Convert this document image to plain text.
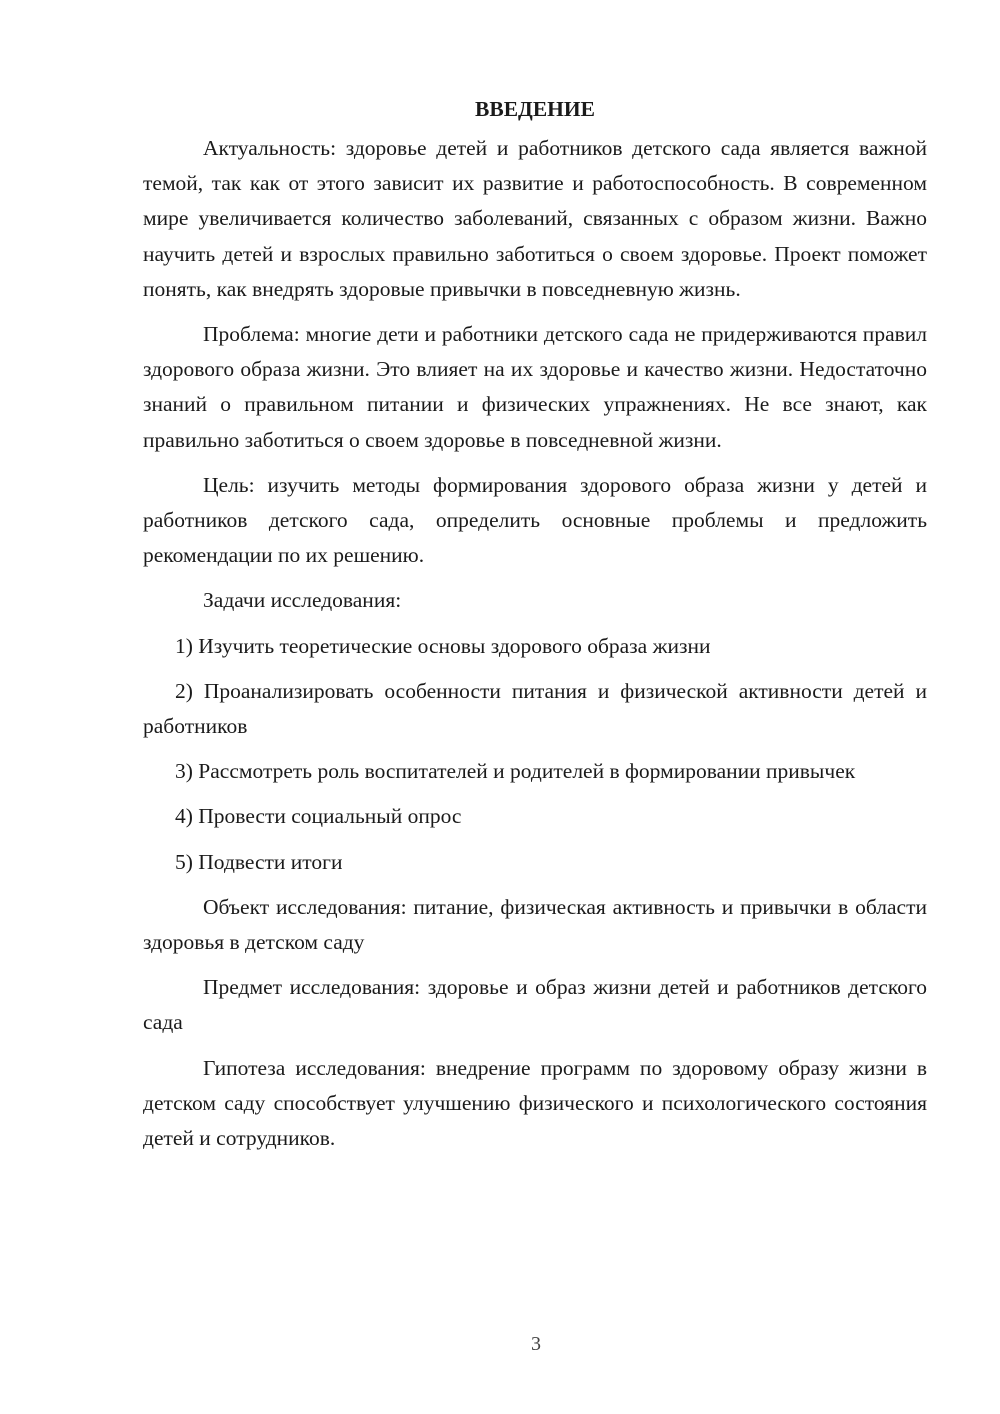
ВВЕДЕНИЕ

Актуальность: здоровье детей и работников детского сада является важной темой, так как от этого зависит их развитие и работоспособность. В современном мире увеличивается количество заболеваний, связанных с образом жизни. Важно научить детей и взрослых правильно заботиться о своем здоровье. Проект поможет понять, как внедрять здоровые привычки в повседневную жизнь.

Проблема: многие дети и работники детского сада не придерживаются правил здорового образа жизни. Это влияет на их здоровье и качество жизни. Недостаточно знаний о правильном питании и физических упражнениях. Не все знают, как правильно заботиться о своем здоровье в повседневной жизни.

Цель: изучить методы формирования здорового образа жизни у детей и работников детского сада, определить основные проблемы и предложить рекомендации по их решению.

Задачи исследования:

1) Изучить теоретические основы здорового образа жизни

2) Проанализировать особенности питания и физической активности детей и работников

3) Рассмотреть роль воспитателей и родителей в формировании привычек

4) Провести социальный опрос

5) Подвести итоги

Объект исследования: питание, физическая активность и привычки в области здоровья в детском саду

Предмет исследования: здоровье и образ жизни детей и работников детского сада

Гипотеза исследования: внедрение программ по здоровому образу жизни в детском саду способствует улучшению физического и психологического состояния детей и сотрудников.

3
